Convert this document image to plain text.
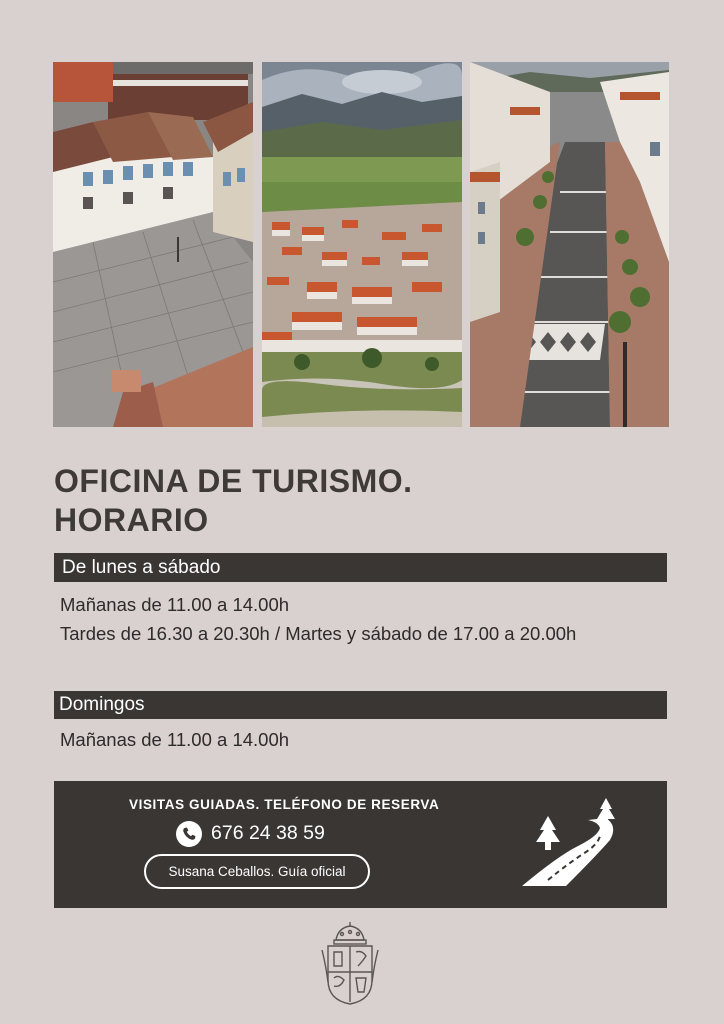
OFICINA DE TURISMO.
HORARIO
De lunes a sábado
Mañanas de 11.00 a 14.00h
Tardes de 16.30 a 20.30h / Martes y sábado de 17.00 a 20.00h
Domingos
Mañanas de 11.00 a 14.00h
VISITAS GUIADAS. TELÉFONO DE RESERVA
676 24 38 59
Susana Ceballos. Guía oficial
